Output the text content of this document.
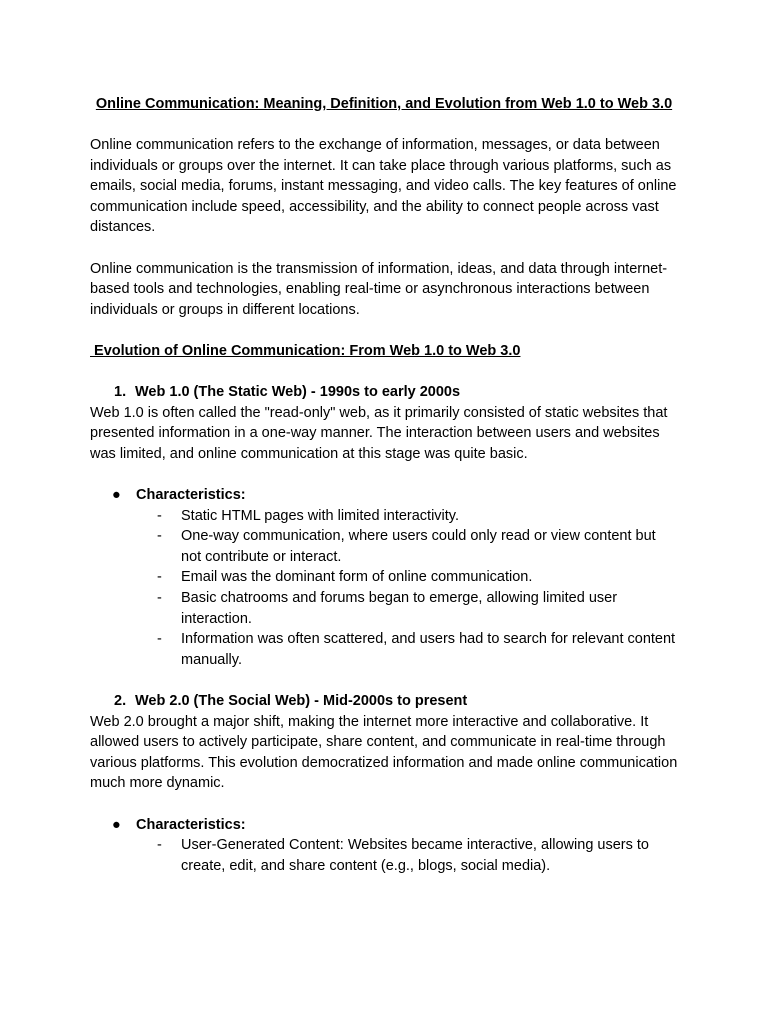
Online Communication: Meaning, Definition, and Evolution from Web 1.0 to Web 3.0

Online communication refers to the exchange of information, messages, or data between individuals or groups over the internet. It can take place through various platforms, such as emails, social media, forums, instant messaging, and video calls. The key features of online communication include speed, accessibility, and the ability to connect people across vast distances.

Online communication is the transmission of information, ideas, and data through internet-based tools and technologies, enabling real-time or asynchronous interactions between individuals or groups in different locations.

Evolution of Online Communication: From Web 1.0 to Web 3.0

1. Web 1.0 (The Static Web) - 1990s to early 2000s

Web 1.0 is often called the "read-only" web, as it primarily consisted of static websites that presented information in a one-way manner. The interaction between users and websites was limited, and online communication at this stage was quite basic.

● Characteristics:

- Static HTML pages with limited interactivity.
- One-way communication, where users could only read or view content but not contribute or interact.
- Email was the dominant form of online communication.
- Basic chatrooms and forums began to emerge, allowing limited user interaction.
- Information was often scattered, and users had to search for relevant content manually.

2. Web 2.0 (The Social Web) - Mid-2000s to present

Web 2.0 brought a major shift, making the internet more interactive and collaborative. It allowed users to actively participate, share content, and communicate in real-time through various platforms. This evolution democratized information and made online communication much more dynamic.

● Characteristics:

- User-Generated Content: Websites became interactive, allowing users to create, edit, and share content (e.g., blogs, social media).
